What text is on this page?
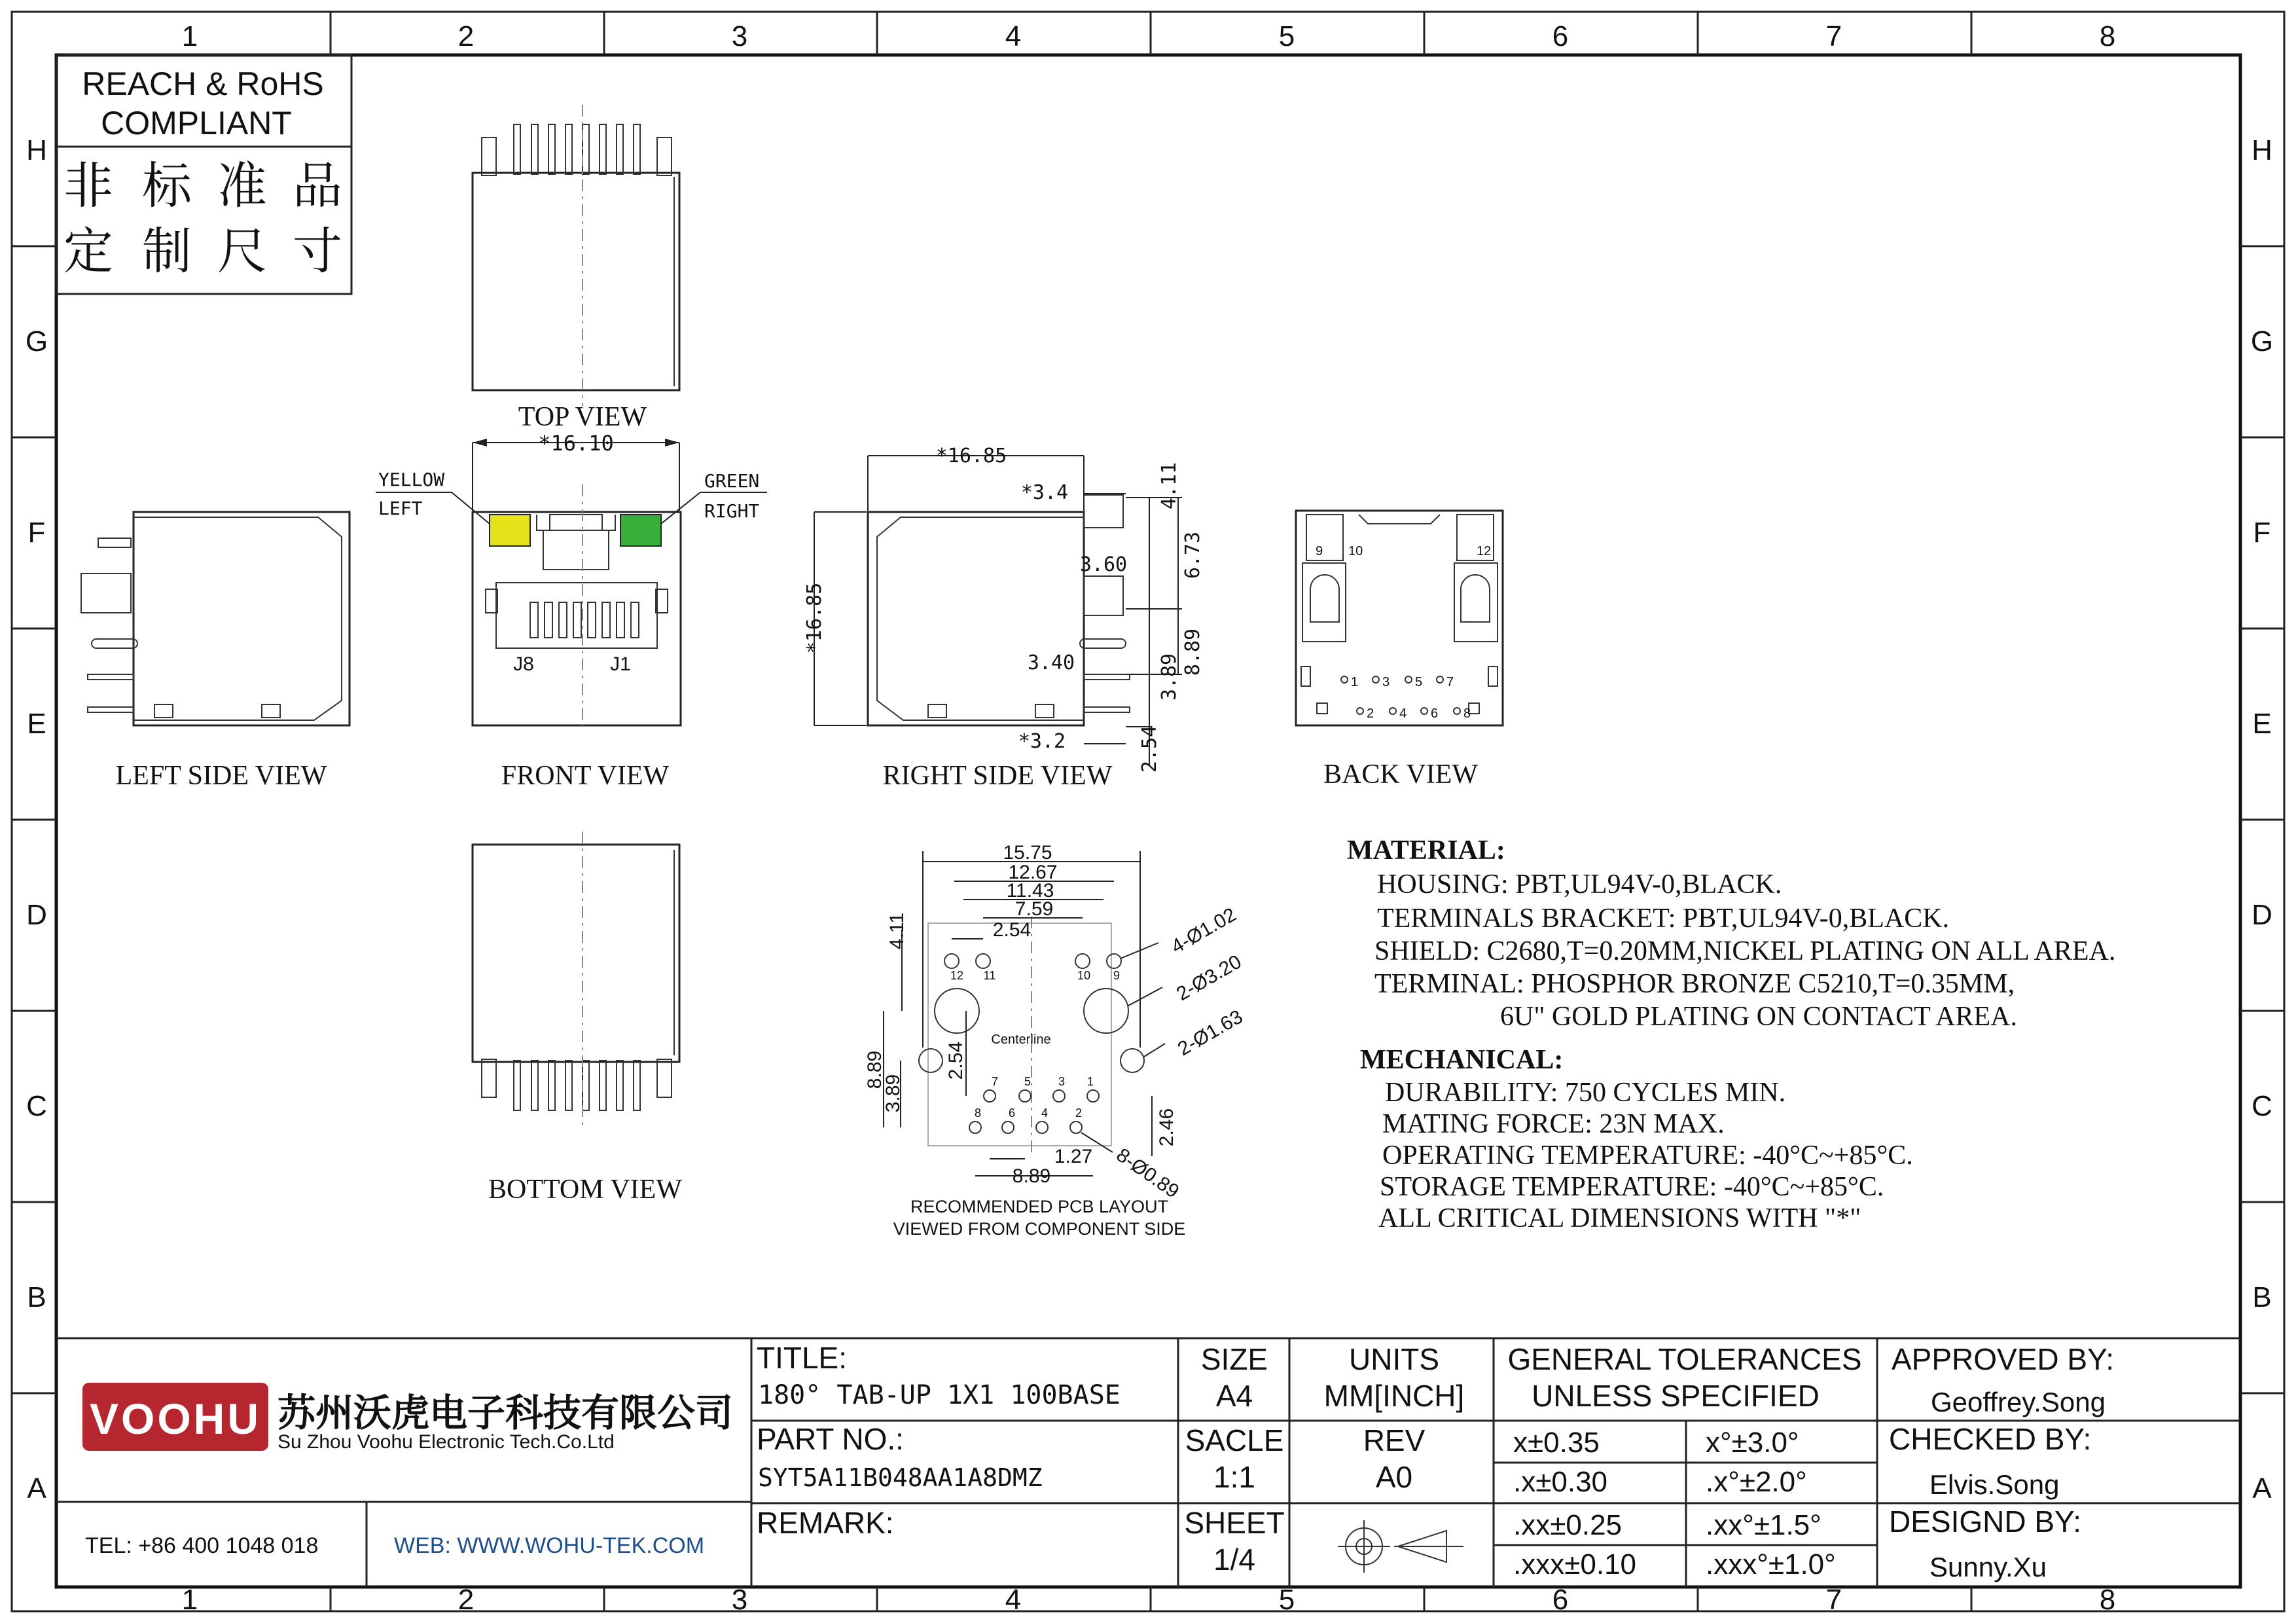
1	2	3	4	5	6	7	8
1	2	3	4	5	6	7	8
H
G
F
E
D
C
B
A
H
G
F
E
D
C
B
A
REACH & RoHS
COMPLIANT
非 标 准 品
定 制 尺 寸
TOP VIEW
LEFT SIDE VIEW
*16.10
YELLOW
LEFT
GREEN
RIGHT
J8	J1
FRONT VIEW
*16.85
*3.4	4.11
3.60	6.73
*16.85
3.40	3.89
8.89
*3.2	2.54
RIGHT SIDE VIEW
9 10	12
1 3 5 7
2 4 6 8
BACK VIEW
BOTTOM VIEW
15.75
12.67
11.43
7.59
2.54
4.11	4-Ø1.02
2-Ø3.20
2-Ø1.63
8.89
3.89
2.54
2.46
1.27
8.89	8-Ø0.89
Centerline
12 11	10 9
7 5 3 1
8 6 4 2
RECOMMENDED PCB LAYOUT
VIEWED FROM COMPONENT SIDE
MATERIAL:
HOUSING: PBT,UL94V-0,BLACK.
TERMINALS BRACKET: PBT,UL94V-0,BLACK.
SHIELD: C2680,T=0.20MM,NICKEL PLATING ON ALL AREA.
TERMINAL: PHOSPHOR BRONZE C5210,T=0.35MM,
6U" GOLD PLATING ON CONTACT AREA.
MECHANICAL:
DURABILITY: 750 CYCLES MIN.
MATING FORCE: 23N MAX.
OPERATING TEMPERATURE: -40°C~+85°C.
STORAGE TEMPERATURE: -40°C~+85°C.
ALL CRITICAL DIMENSIONS WITH "*"
VOOHU 苏州沃虎电子科技有限公司
Su Zhou Voohu Electronic Tech.Co.Ltd
TEL: +86 400 1048 018	WEB: WWW.WOHU-TEK.COM
TITLE:
180° TAB-UP 1X1 100BASE
PART NO.:
SYT5A11B048AA1A8DMZ
REMARK:
SIZE
A4
SACLE
1:1
SHEET
1/4
UNITS
MM[INCH]
REV
A0
GENERAL TOLERANCES
UNLESS SPECIFIED
x±0.35	x°±3.0°
.x±0.30	.x°±2.0°
.xx±0.25	.xx°±1.5°
.xxx±0.10 .xxx°±1.0°
APPROVED BY:
Geoffrey.Song
CHECKED BY:
Elvis.Song
DESIGND BY:
Sunny.Xu
